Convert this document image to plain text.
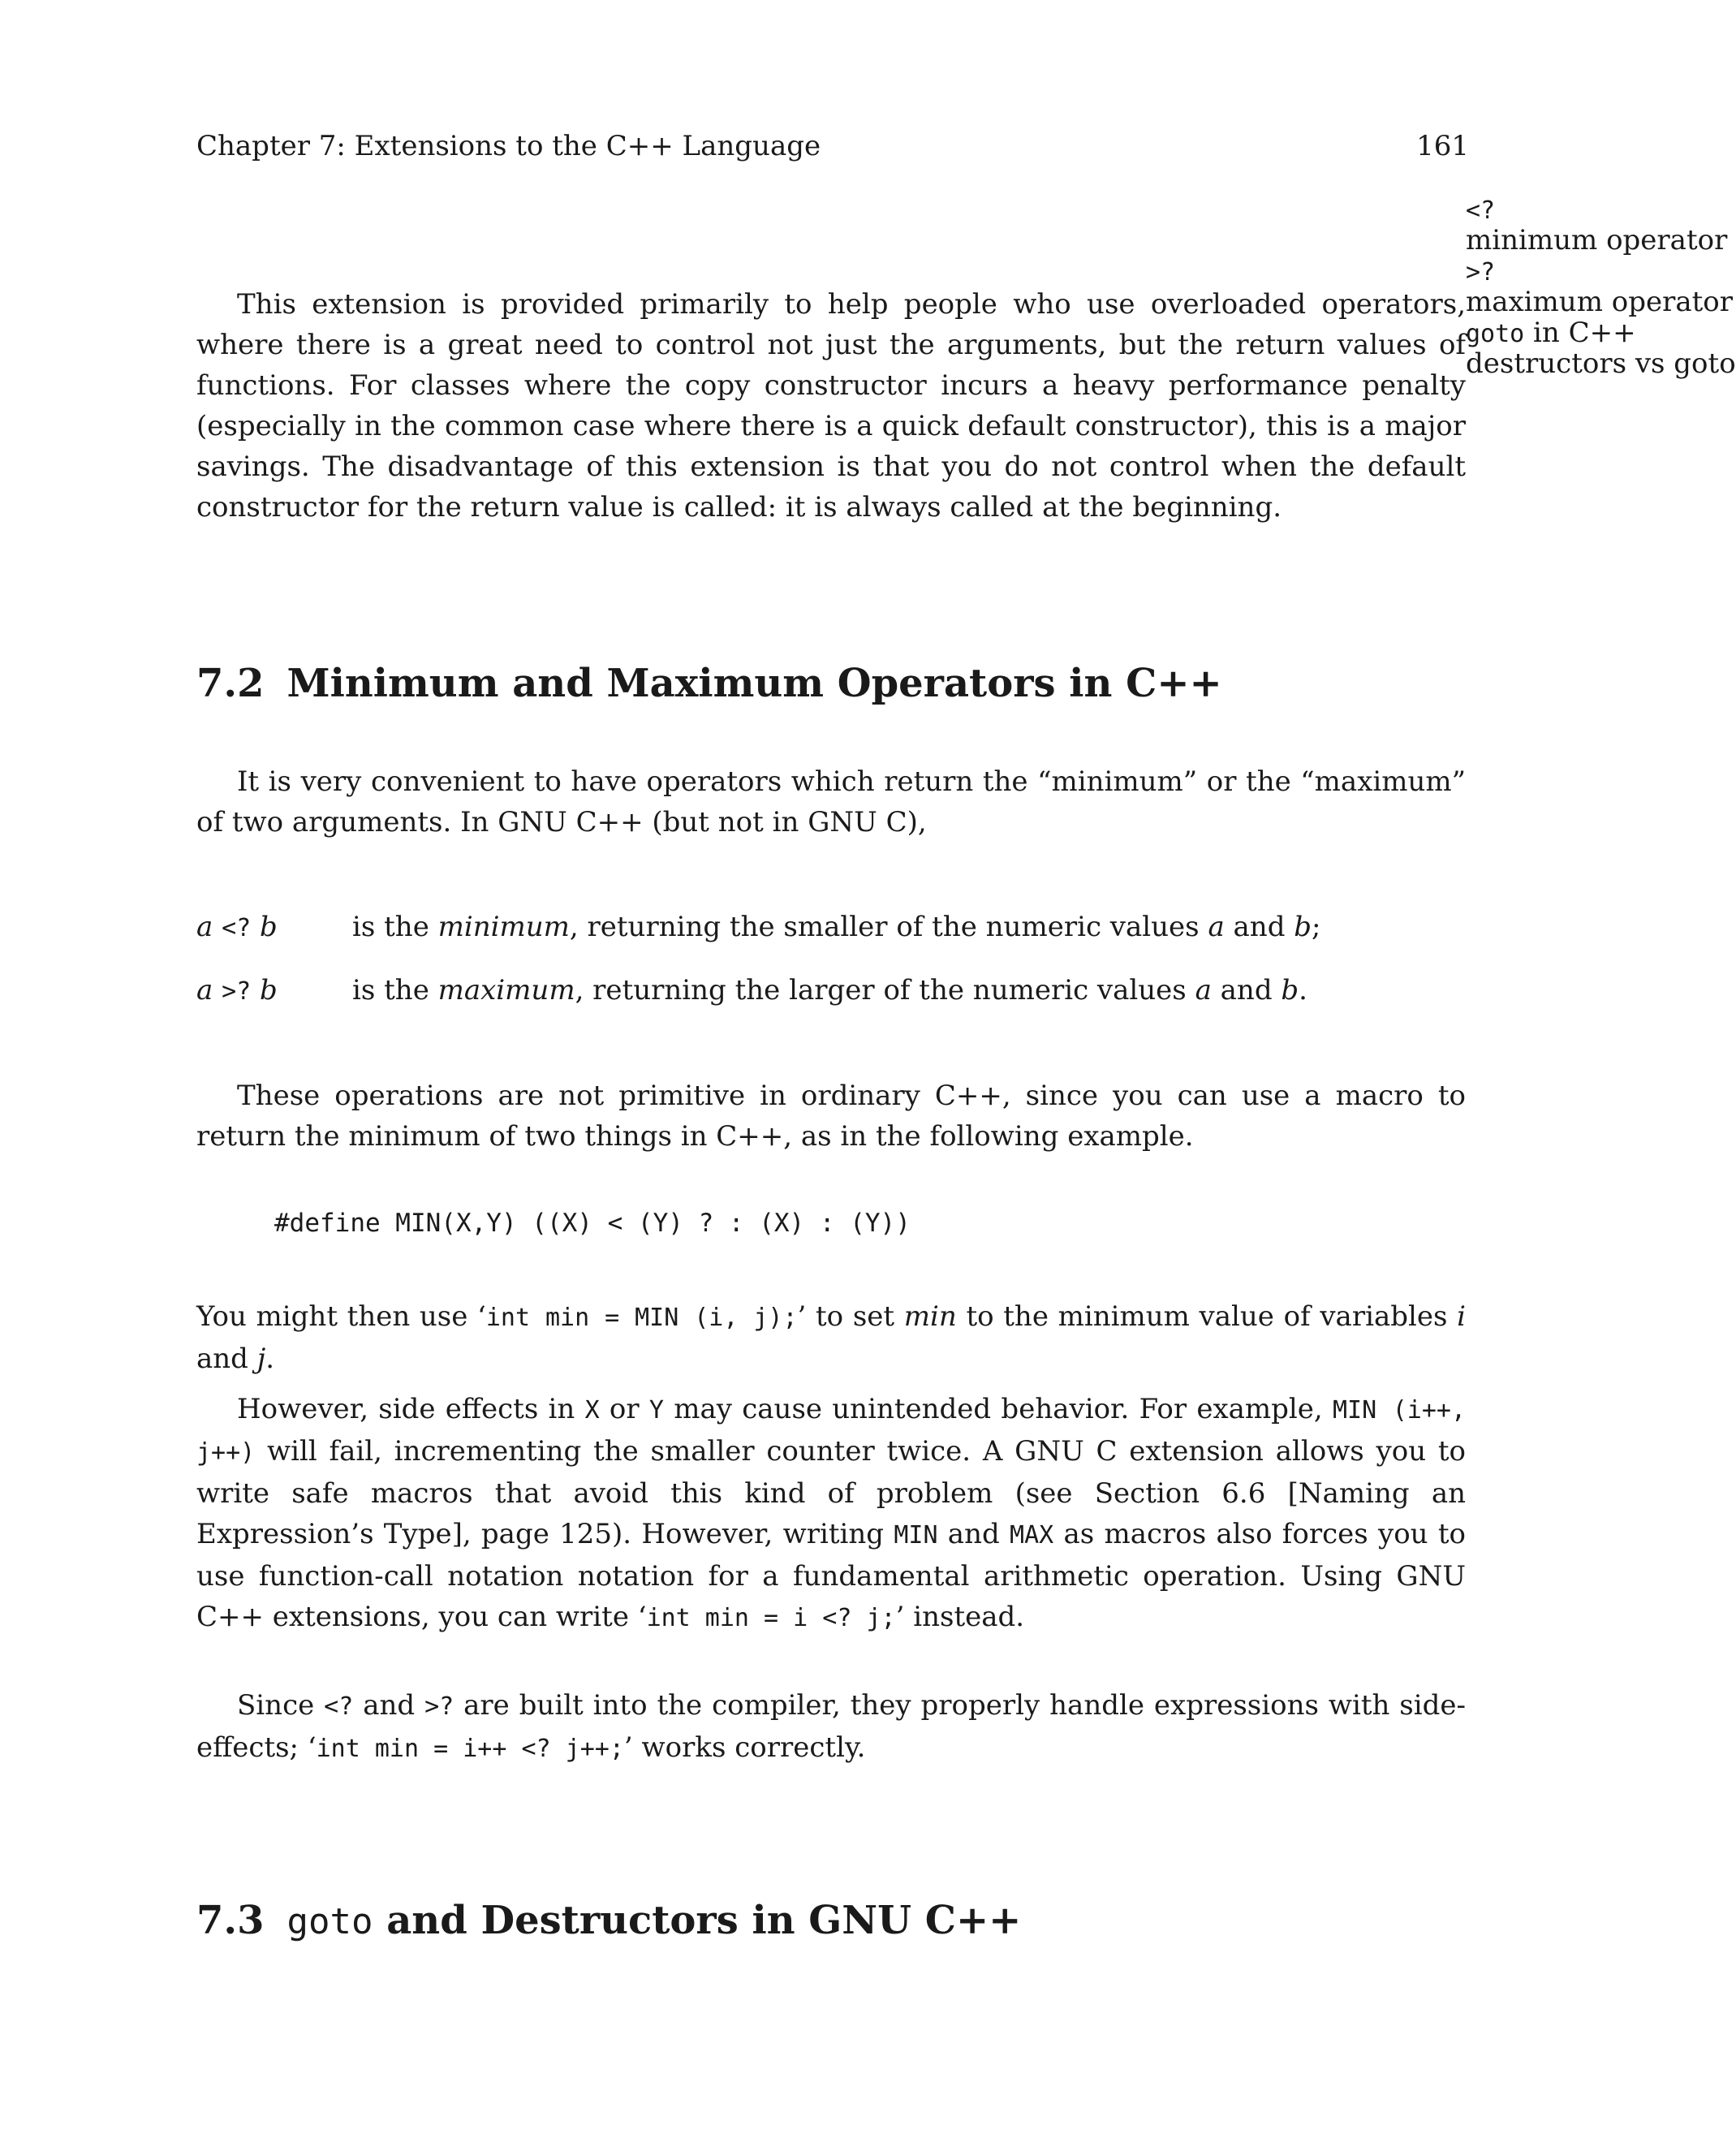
Chapter 7: Extensions to the C++ Language	161
<?
minimum operator
>?
maximum operator
goto in C++
destructors vs goto

This extension is provided primarily to help people who use overloaded operators, where there is a great need to control not just the arguments, but the return values of functions. For classes where the copy constructor incurs a heavy performance penalty (especially in the common case where there is a quick default constructor), this is a major savings. The disadvantage of this extension is that you do not control when the default constructor for the return value is called: it is always called at the beginning.

7.2 Minimum and Maximum Operators in C++

It is very convenient to have operators which return the “minimum” or the “maximum” of two arguments. In GNU C++ (but not in GNU C),

a <? b	is the minimum, returning the smaller of the numeric values a and b;
a >? b	is the maximum, returning the larger of the numeric values a and b.

These operations are not primitive in ordinary C++, since you can use a macro to return the minimum of two things in C++, as in the following example.

#define MIN(X,Y) ((X) < (Y) ? : (X) : (Y))

You might then use ‘int min = MIN (i, j);’ to set min to the minimum value of variables i and j.

However, side effects in X or Y may cause unintended behavior. For example, MIN (i++, j++) will fail, incrementing the smaller counter twice. A GNU C extension allows you to write safe macros that avoid this kind of problem (see Section 6.6 [Naming an Expression’s Type], page 125). However, writing MIN and MAX as macros also forces you to use function-call notation notation for a fundamental arithmetic operation. Using GNU C++ extensions, you can write ‘int min = i <? j;’ instead.

Since <? and >? are built into the compiler, they properly handle expressions with side-effects; ‘int min = i++ <? j++;’ works correctly.

7.3 goto and Destructors in GNU C++
